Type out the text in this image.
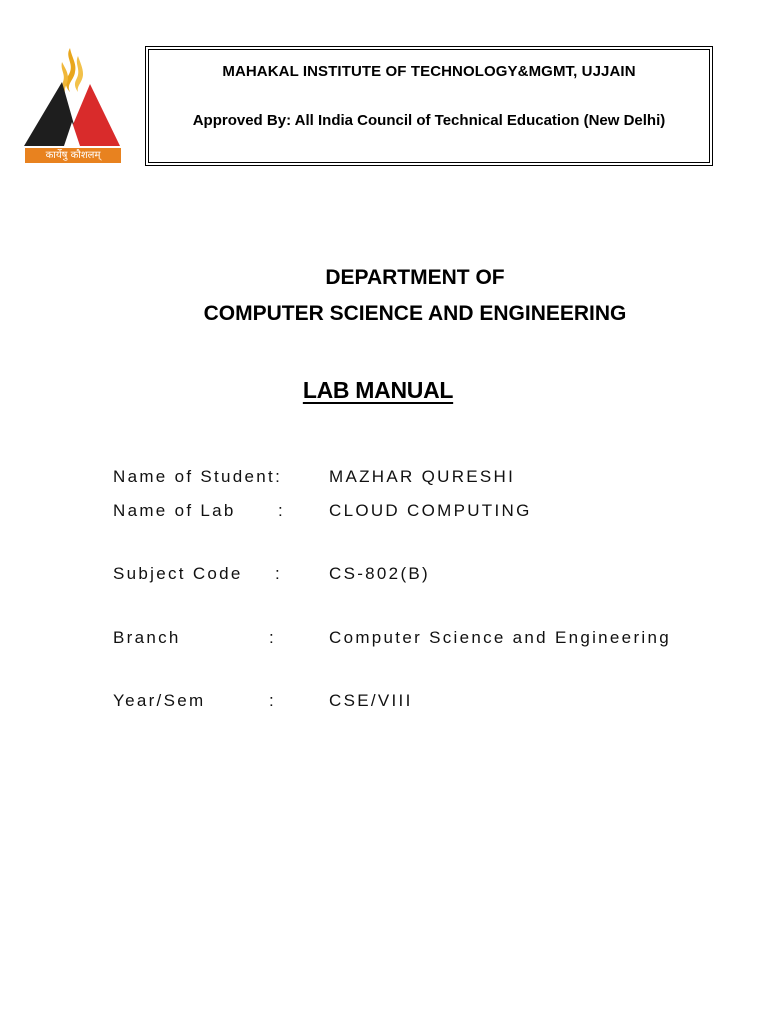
कार्येषु कौशलम्
MAHAKAL INSTITUTE OF TECHNOLOGY&MGMT, UJJAIN
Approved By: All India Council of Technical Education (New Delhi)
DEPARTMENT OF
COMPUTER SCIENCE AND ENGINEERING
LAB MANUAL
Name of Student:	MAZHAR QURESHI
Name of Lab :	CLOUD COMPUTING
Subject Code :	CS-802(B)
Branch	:	Computer Science and Engineering
Year/Sem	:	CSE/VIII
